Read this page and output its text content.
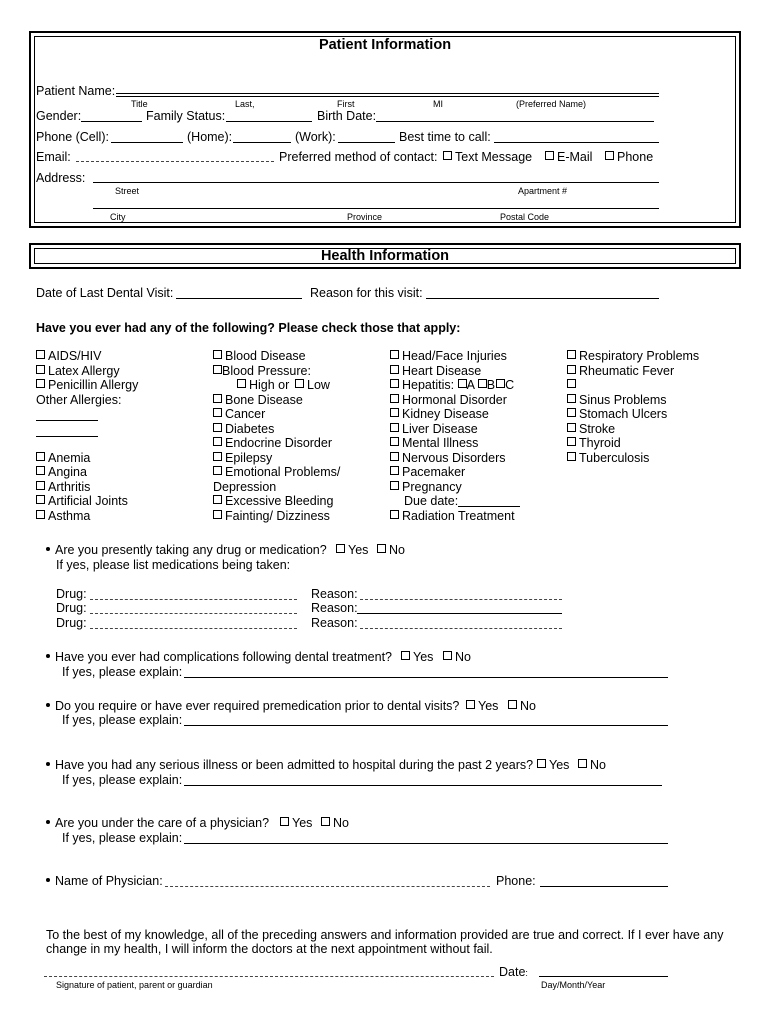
Patient Information
Patient Name:
Title	Last,	First	MI	(Preferred Name)
Gender:	Family Status:	Birth Date:
Phone (Cell):	(Home):	(Work):	Best time to call:
Email:	Preferred method of contact:	Text Message	E-Mail	Phone
Address:
Street	Apartment #
City	Province	Postal Code
Health Information
Date of Last Dental Visit:	Reason for this visit:
Have you ever had any of the following? Please check those that apply:
AIDS/HIV
Latex Allergy
Penicillin Allergy
Other Allergies:
Anemia
Angina
Arthritis
Artificial Joints
Asthma
Blood Disease
Blood Pressure:
High or	Low
Bone Disease
Cancer
Diabetes
Endocrine Disorder
Epilepsy
Emotional Problems/
Depression
Excessive Bleeding
Fainting/ Dizziness
Head/Face Injuries
Heart Disease
Hepatitis: A B C
Hormonal Disorder
Kidney Disease
Liver Disease
Mental Illness
Nervous Disorders
Pacemaker
Pregnancy
Due date:
Radiation Treatment
Respiratory Problems
Rheumatic Fever
Sinus Problems
Stomach Ulcers
Stroke
Thyroid
Tuberculosis
Are you presently taking any drug or medication?	Yes	No
If yes, please list medications being taken:
Drug:	Reason:
Drug:	Reason:
Drug:	Reason:
Have you ever had complications following dental treatment?	Yes	No
If yes, please explain:
Do you require or have ever required premedication prior to dental visits?	Yes	No
If yes, please explain:
Have you had any serious illness or been admitted to hospital during the past 2 years?	Yes	No
If yes, please explain:
Are you under the care of a physician?	Yes	No
If yes, please explain:
Name of Physician:	Phone:
To the best of my knowledge, all of the preceding answers and information provided are true and correct. If I ever have any
change in my health, I will inform the doctors at the next appointment without fail.
Date:
Signature of patient, parent or guardian	Day/Month/Year
